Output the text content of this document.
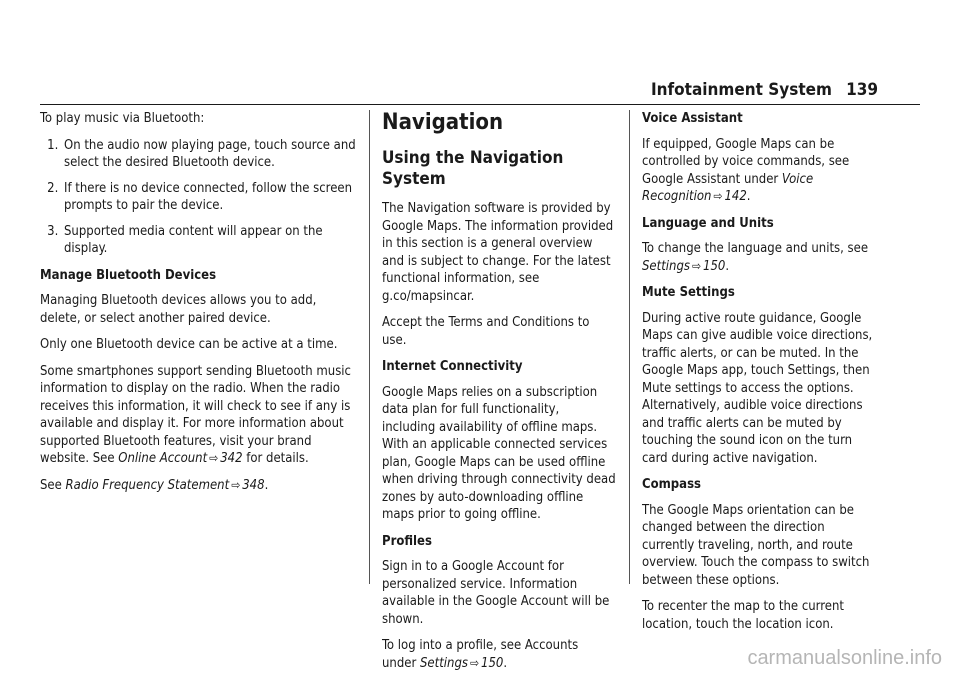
Infotainment System 139

To play music via Bluetooth:

1. On the audio now playing page, touch source and select the desired Bluetooth device.
2. If there is no device connected, follow the screen prompts to pair the device.
3. Supported media content will appear on the display.

Manage Bluetooth Devices

Managing Bluetooth devices allows you to add, delete, or select another paired device.

Only one Bluetooth device can be active at a time.

Some smartphones support sending Bluetooth music information to display on the radio. When the radio receives this information, it will check to see if any is available and display it. For more information about supported Bluetooth features, visit your brand website. See Online Account ⇨ 342 for details.

See Radio Frequency Statement ⇨ 348.

Navigation
Using the Navigation System

The Navigation software is provided by Google Maps. The information provided in this section is a general overview and is subject to change. For the latest functional information, see g.co/mapsincar.

Accept the Terms and Conditions to use.

Internet Connectivity

Google Maps relies on a subscription data plan for full functionality, including availability of offline maps. With an applicable connected services plan, Google Maps can be used offline when driving through connectivity dead zones by auto-downloading offline maps prior to going offline.

Profiles

Sign in to a Google Account for personalized service. Information available in the Google Account will be shown.

To log into a profile, see Accounts under Settings ⇨ 150.

Voice Assistant

If equipped, Google Maps can be controlled by voice commands, see Google Assistant under Voice Recognition ⇨ 142.

Language and Units

To change the language and units, see Settings ⇨ 150.

Mute Settings

During active route guidance, Google Maps can give audible voice directions, traffic alerts, or can be muted. In the Google Maps app, touch Settings, then Mute settings to access the options. Alternatively, audible voice directions and traffic alerts can be muted by touching the sound icon on the turn card during active navigation.

Compass

The Google Maps orientation can be changed between the direction currently traveling, north, and route overview. Touch the compass to switch between these options.

To recenter the map to the current location, touch the location icon.

carmanualsonline.info
